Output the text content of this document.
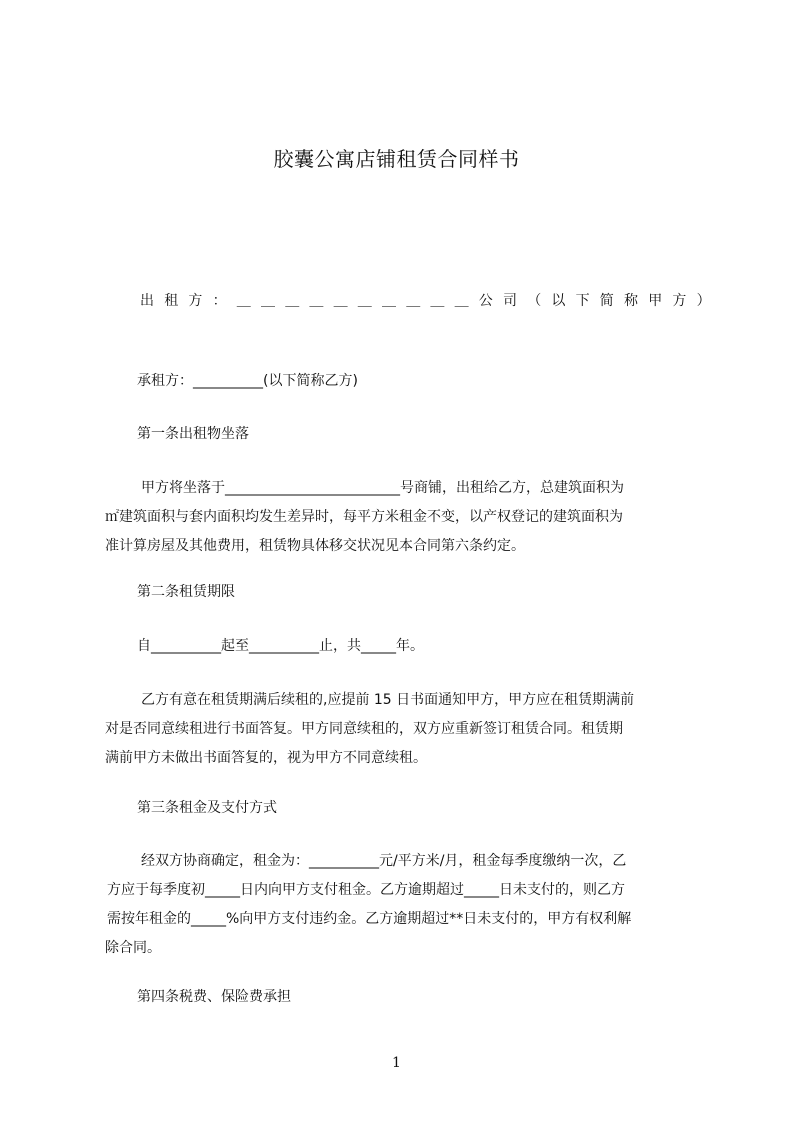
胶囊公寓店铺租赁合同样书
出租方：＿＿＿＿＿＿＿＿＿＿公司（以下简称甲方）
承租方：__________(以下简称乙方)
第一条出租物坐落
甲方将坐落于_________________________号商铺，出租给乙方，总建筑面积为
㎡建筑面积与套内面积均发生差异时，每平方米租金不变，以产权登记的建筑面积为
准计算房屋及其他费用，租赁物具体移交状况见本合同第六条约定。
第二条租赁期限
自__________起至__________止，共_____年。
乙方有意在租赁期满后续租的,应提前 15 日书面通知甲方，甲方应在租赁期满前
对是否同意续租进行书面答复。甲方同意续租的，双方应重新签订租赁合同。租赁期
满前甲方未做出书面答复的，视为甲方不同意续租。
第三条租金及支付方式
经双方协商确定，租金为：__________元/平方米/月，租金每季度缴纳一次，乙
方应于每季度初_____日内向甲方支付租金。乙方逾期超过_____日未支付的，则乙方
需按年租金的_____%向甲方支付违约金。乙方逾期超过**日未支付的，甲方有权利解
除合同。
第四条税费、保险费承担
1
